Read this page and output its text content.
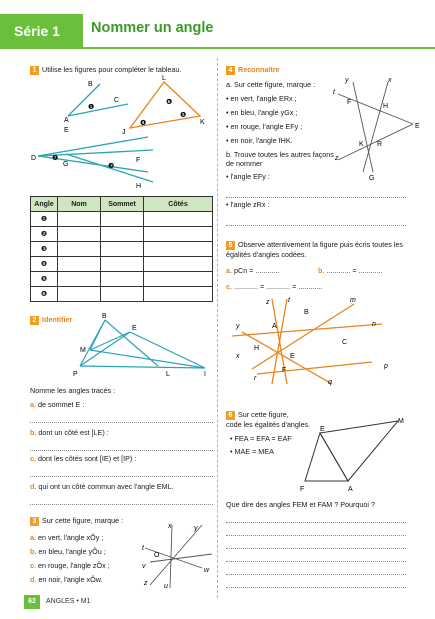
Série 1	Nommer un angle
1 Utilise les figures pour compléter le tableau.
B
A
C
❶
L
J
K
❻
❺
❹
D
E
G
F
H
❷
❸
Angle	Nom	Sommet	Côtés
❶			
❷			
❸			
❹			
❺			
❻			
2 Identifier	B
E
M
P	L	I
Nomme les angles tracés :
a. de sommet E :
b. dont un côté est [LE) :
c. dont les côtés sont [IE) et [IP) :
d. qui ont un côté commun avec l'angle EML.
3 Sur cette figure, marque :
a. en vert, l'angle xÔy ;
b. en bleu, l'angle yÔu ;
c. en rouge, l'angle zÔx ;
d. en noir, l'angle xÔw.
x	y
t
O
v
w
z u
4 Reconnaître
a. Sur cette figure, marque :
• en vert, l'angle ERx ;
• en bleu, l'angle yGx ;
• en rouge, l'angle EFy ;
• en noir, l'angle fHK.
y	x
t
F
H
E
K R
z
G
b. Trouve toutes les autres façons de nommer
• l'angle EFy :
• l'angle zRx :
5 Observe attentivement la figure puis écris toutes les égalités d'angles codées.
a. pCn = ............	b. ............ = ............
c. ............ = ............ = ............
z	t
B
m
y	A	n
H
C
x	E
p
r
F
q
6 Sur cette figure,
code les égalités d'angles.
• FEA = EFA = EAF
• MAE = MEA
E
M
F	A
Que dire des angles FEM et FAM ? Pourquoi ?
62	ANGLES • M1
